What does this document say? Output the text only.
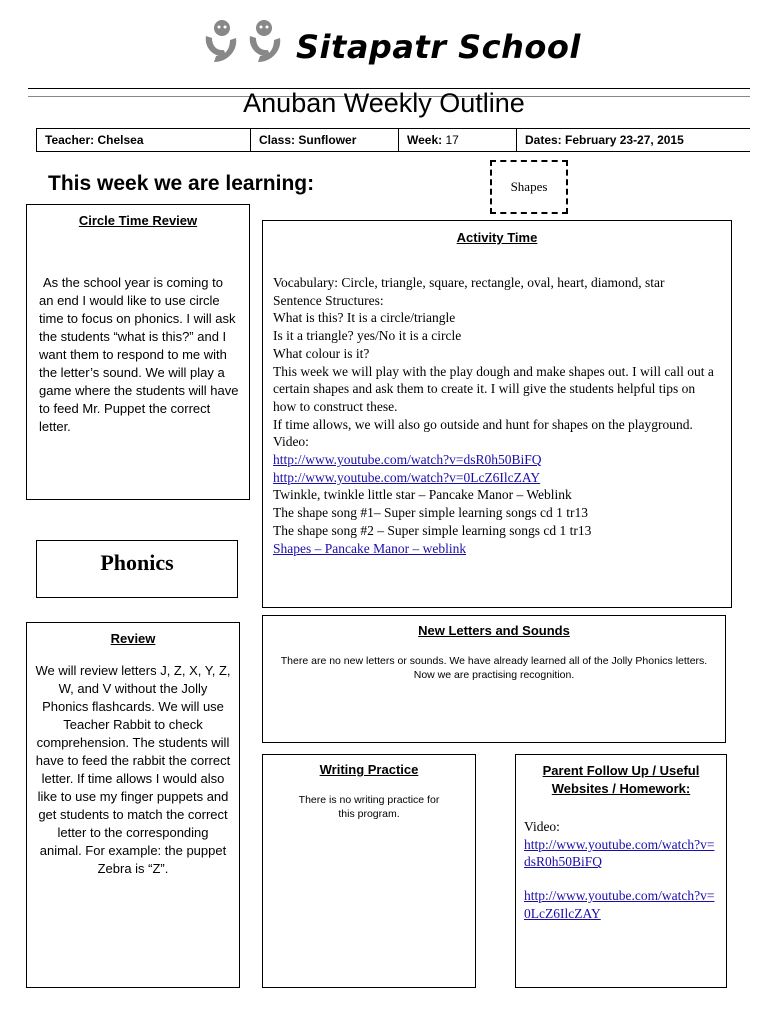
Sitapatr School
Anuban Weekly Outline
Teacher: Chelsea	Class: Sunflower	Week: 17	Dates: February 23-27, 2015
This week we are learning:	Shapes
Circle Time Review
As the school year is coming to an end I would like to use circle time to focus on phonics. I will ask the students “what is this?” and I want them to respond to me with the letter’s sound. We will play a game where the students will have to feed Mr. Puppet the correct letter.
Activity Time
Vocabulary: Circle, triangle, square, rectangle, oval, heart, diamond, star
Sentence Structures:
What is this? It is a circle/triangle
Is it a triangle? yes/No it is a circle
What colour is it?
This week we will play with the play dough and make shapes out. I will call out a certain shapes and ask them to create it. I will give the students helpful tips on how to construct these.
If time allows, we will also go outside and hunt for shapes on the playground.
Video:
http://www.youtube.com/watch?v=dsR0h50BiFQ
http://www.youtube.com/watch?v=0LcZ6IlcZAY
Twinkle, twinkle little star – Pancake Manor – Weblink
The shape song #1– Super simple learning songs cd 1 tr13
The shape song #2 – Super simple learning songs cd 1 tr13
Shapes – Pancake Manor – weblink
Phonics
Review
We will review letters J, Z, X, Y, Z, W, and V without the Jolly Phonics flashcards. We will use Teacher Rabbit to check comprehension. The students will have to feed the rabbit the correct letter. If time allows I would also like to use my finger puppets and get students to match the correct letter to the corresponding animal. For example: the puppet Zebra is “Z”.
New Letters and Sounds
There are no new letters or sounds. We have already learned all of the Jolly Phonics letters. Now we are practising recognition.
Writing Practice
There is no writing practice for this program.
Parent Follow Up / Useful Websites / Homework:
Video:
http://www.youtube.com/watch?v=dsR0h50BiFQ
http://www.youtube.com/watch?v=0LcZ6IlcZAY
